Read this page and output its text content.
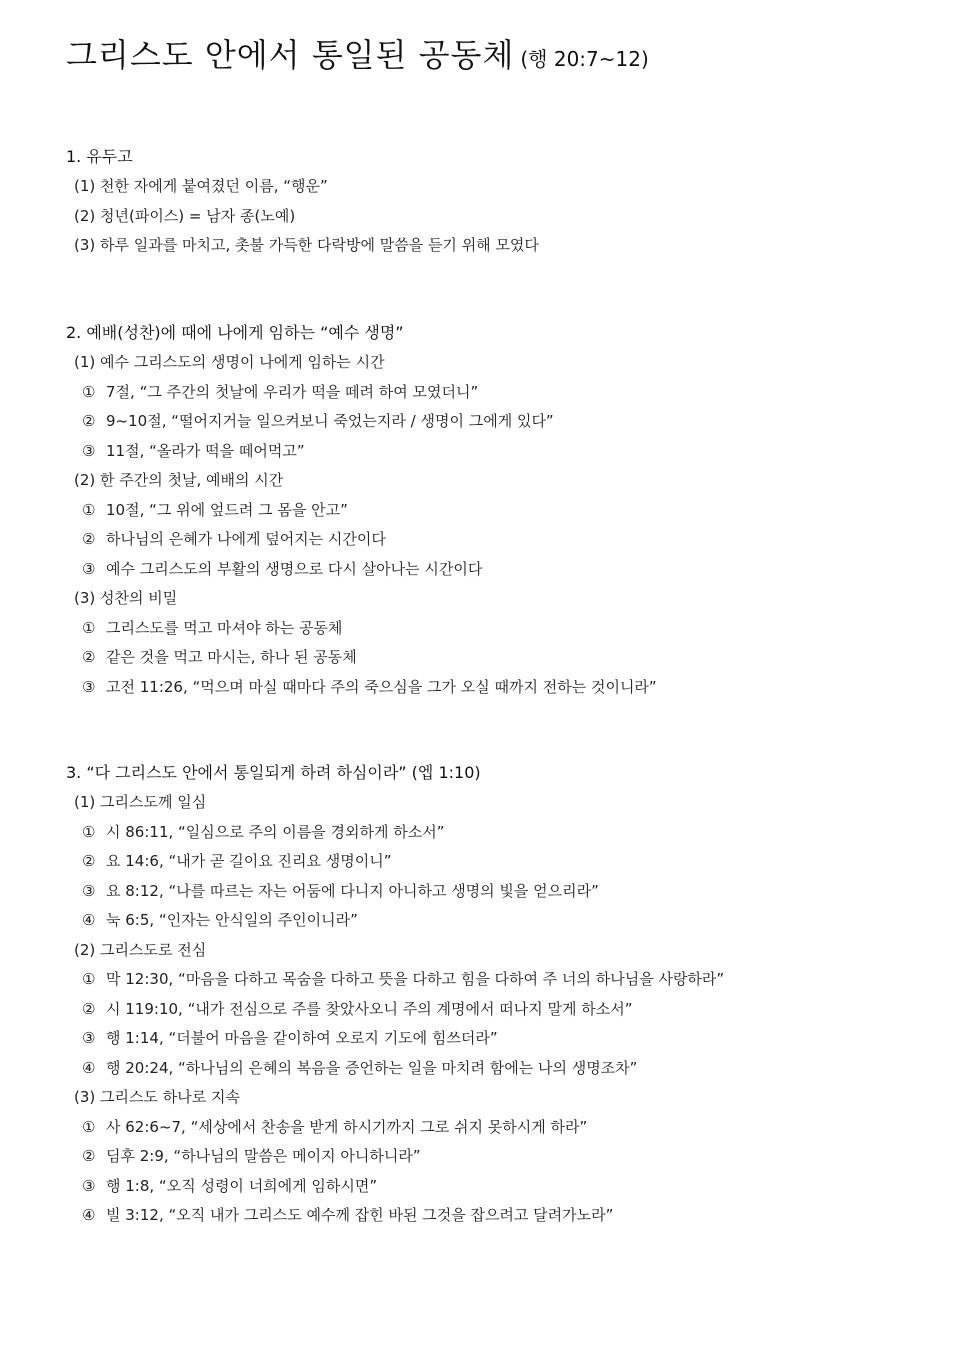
그리스도 안에서 통일된 공동체 (행 20:7~12)
1. 유두고
(1) 천한 자에게 붙여졌던 이름, “행운”
(2) 청년(파이스) = 남자 종(노예)
(3) 하루 일과를 마치고, 촛불 가득한 다락방에 말씀을 듣기 위해 모였다
2. 예배(성찬)에 때에 나에게 임하는 “예수 생명”
(1) 예수 그리스도의 생명이 나에게 임하는 시간
① 7절, “그 주간의 첫날에 우리가 떡을 떼려 하여 모였더니”
② 9~10절, “떨어지거늘 일으켜보니 죽었는지라 / 생명이 그에게 있다”
③ 11절, “올라가 떡을 떼어먹고”
(2) 한 주간의 첫날, 예배의 시간
① 10절, “그 위에 엎드려 그 몸을 안고”
② 하나님의 은혜가 나에게 덮어지는 시간이다
③ 예수 그리스도의 부활의 생명으로 다시 살아나는 시간이다
(3) 성찬의 비밀
① 그리스도를 먹고 마셔야 하는 공동체
② 같은 것을 먹고 마시는, 하나 된 공동체
③ 고전 11:26, “먹으며 마실 때마다 주의 죽으심을 그가 오실 때까지 전하는 것이니라”
3. “다 그리스도 안에서 통일되게 하려 하심이라” (엡 1:10)
(1) 그리스도께 일심
① 시 86:11, “일심으로 주의 이름을 경외하게 하소서”
② 요 14:6, “내가 곧 길이요 진리요 생명이니”
③ 요 8:12, “나를 따르는 자는 어둠에 다니지 아니하고 생명의 빛을 얻으리라”
④ 눅 6:5, “인자는 안식일의 주인이니라”
(2) 그리스도로 전심
① 막 12:30, “마음을 다하고 목숨을 다하고 뜻을 다하고 힘을 다하여 주 너의 하나님을 사랑하라”
② 시 119:10, “내가 전심으로 주를 찾았사오니 주의 계명에서 떠나지 말게 하소서”
③ 행 1:14, “더불어 마음을 같이하여 오로지 기도에 힘쓰더라”
④ 행 20:24, “하나님의 은혜의 복음을 증언하는 일을 마치려 함에는 나의 생명조차”
(3) 그리스도 하나로 지속
① 사 62:6~7, “세상에서 찬송을 받게 하시기까지 그로 쉬지 못하시게 하라”
② 딤후 2:9, “하나님의 말씀은 메이지 아니하니라”
③ 행 1:8, “오직 성령이 너희에게 임하시면”
④ 빌 3:12, “오직 내가 그리스도 예수께 잡힌 바된 그것을 잡으려고 달려가노라”
